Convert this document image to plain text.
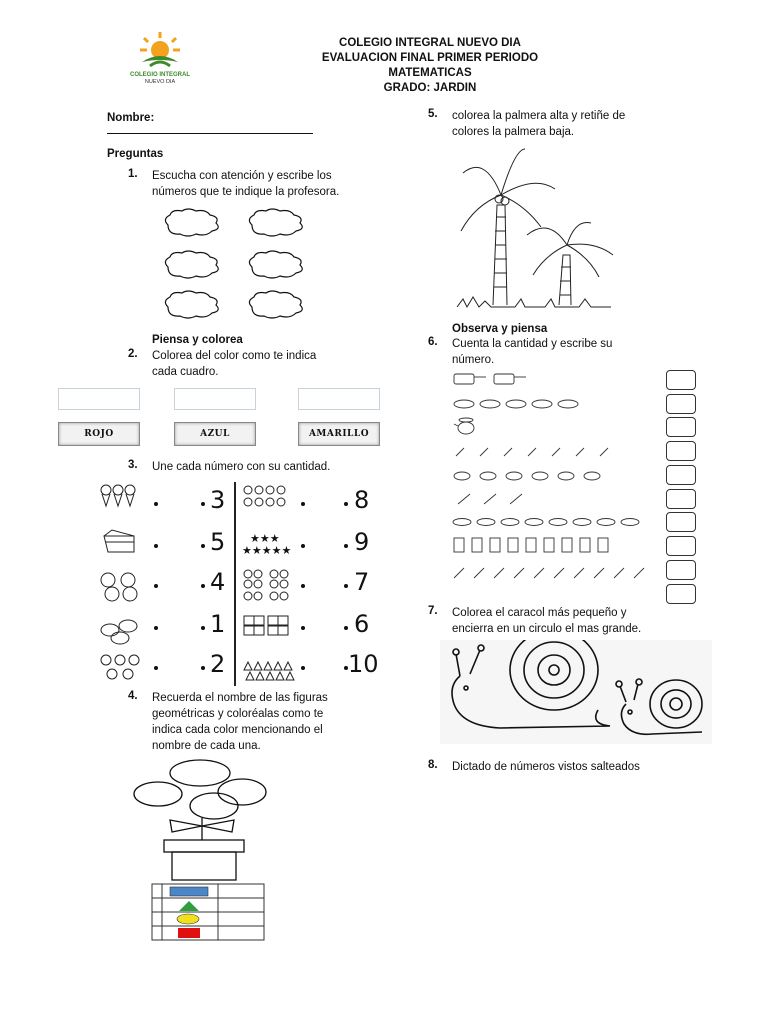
COLEGIO INTEGRAL
NUEVO DIA
COLEGIO INTEGRAL NUEVO DIA
EVALUACION FINAL PRIMER PERIODO
MATEMATICAS
GRADO: JARDIN
Nombre:
Preguntas
1. Escucha con atención y escribe los
números que te indique la profesora.
Piensa y colorea
2. Colorea del color como te indica
cada cuadro.
ROJO	AZUL	AMARILLO
3. Une cada número con su cantidad.
3
5
4
1
2
★★★
★★★★★
8
9
7
6
10
4. Recuerda el nombre de las figuras
geométricas y coloréalas como te
indica cada color mencionando el
nombre de cada una.
5. colorea la palmera alta y retiñe de
colores la palmera baja.
Observa y piensa
6. Cuenta la cantidad y escribe su
número.
7. Colorea el caracol más pequeño y
encierra en un circulo el mas grande.
8. Dictado de números vistos salteados
